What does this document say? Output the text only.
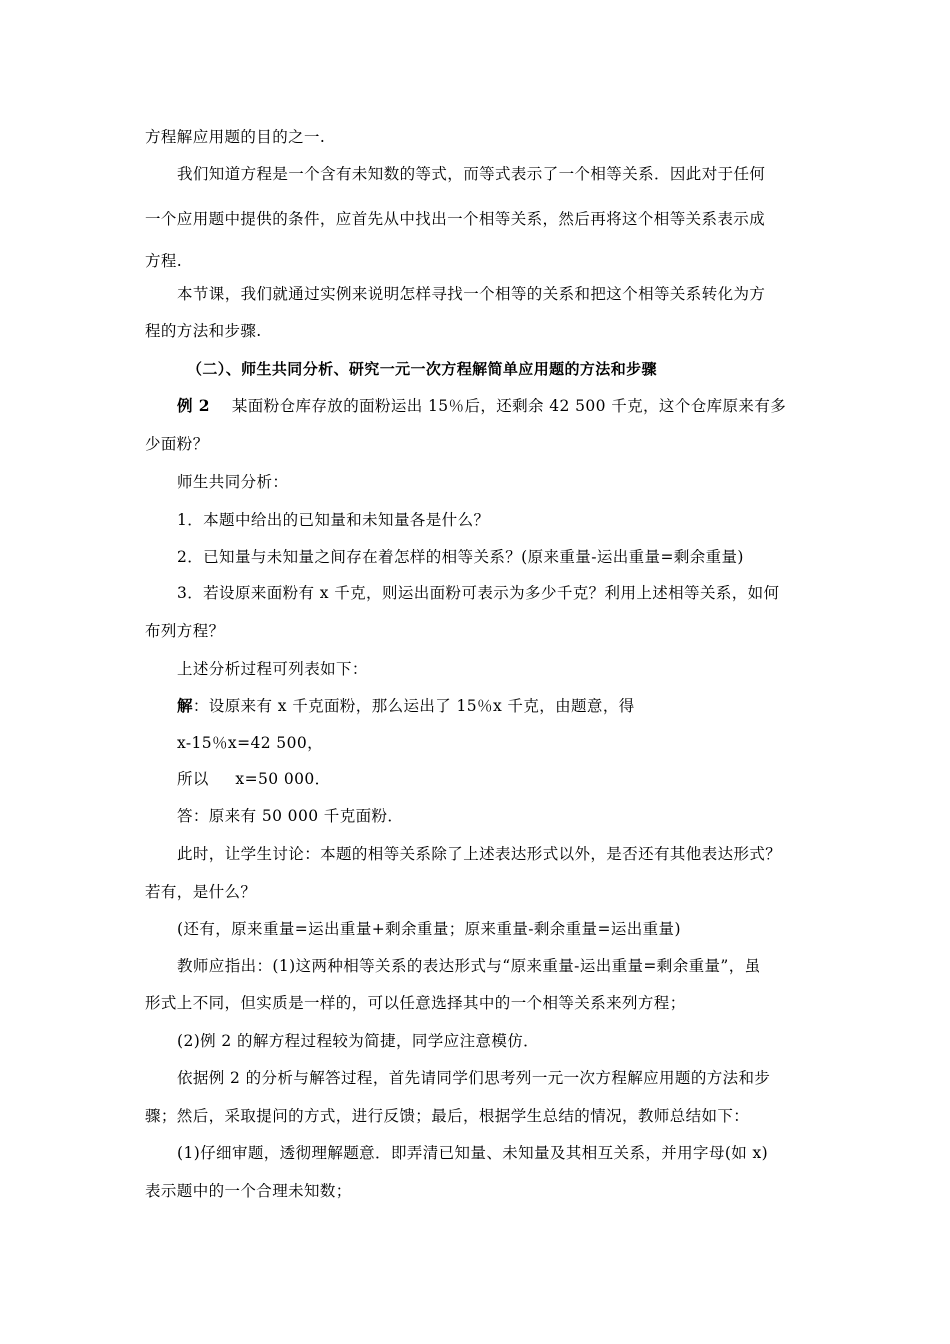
方程解应用题的目的之一.
我们知道方程是一个含有未知数的等式，而等式表示了一个相等关系．因此对于任何
一个应用题中提供的条件，应首先从中找出一个相等关系，然后再将这个相等关系表示成
方程.
本节课，我们就通过实例来说明怎样寻找一个相等的关系和把这个相等关系转化为方
程的方法和步骤.
（二）、师生共同分析、研究一元一次方程解简单应用题的方法和步骤
例 2 某面粉仓库存放的面粉运出 15％后，还剩余 42 500 千克，这个仓库原来有多
少面粉？
师生共同分析：
1．本题中给出的已知量和未知量各是什么？
2．已知量与未知量之间存在着怎样的相等关系？(原来重量-运出重量=剩余重量)
3．若设原来面粉有 x 千克，则运出面粉可表示为多少千克？利用上述相等关系，如何
布列方程？
上述分析过程可列表如下：
解：设原来有 x 千克面粉，那么运出了 15％x 千克，由题意，得
x-15％x=42 500，
所以     x=50 000．
答：原来有 50 000 千克面粉．
此时，让学生讨论：本题的相等关系除了上述表达形式以外，是否还有其他表达形式？
若有，是什么？
(还有，原来重量=运出重量+剩余重量；原来重量-剩余重量=运出重量)
教师应指出：(1)这两种相等关系的表达形式与“原来重量-运出重量=剩余重量”，虽
形式上不同，但实质是一样的，可以任意选择其中的一个相等关系来列方程；
(2)例 2 的解方程过程较为简捷，同学应注意模仿．
依据例 2 的分析与解答过程，首先请同学们思考列一元一次方程解应用题的方法和步
骤；然后，采取提问的方式，进行反馈；最后，根据学生总结的情况，教师总结如下：
(1)仔细审题，透彻理解题意．即弄清已知量、未知量及其相互关系，并用字母(如 x)
表示题中的一个合理未知数；
